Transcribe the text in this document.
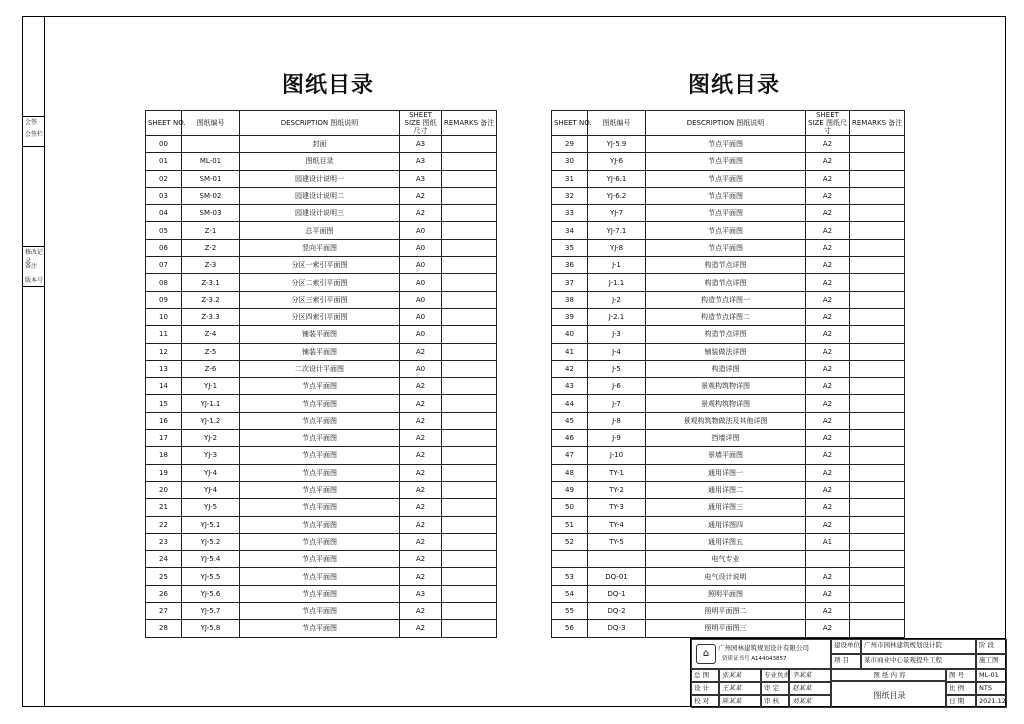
会签
会签栏
修改记录
备注
版本号
图纸目录	图纸目录
SHEET NO.	图纸编号	DESCRIPTION 图纸说明	SHEET SIZE 图纸尺寸	REMARKS 备注
00		封面	A3	
01	ML-01	图纸目录	A3	
02	SM-01	园建设计说明一	A3	
03	SM-02	园建设计说明二	A2	
04	SM-03	园建设计说明三	A2	
05	Z-1	总平面图	A0	
06	Z-2	竖向平面图	A0	
07	Z-3	分区一索引平面图	A0	
08	Z-3.1	分区二索引平面图	A0	
09	Z-3.2	分区三索引平面图	A0	
10	Z-3.3	分区四索引平面图	A0	
11	Z-4	铺装平面图	A0	
12	Z-5	铺装平面图	A2	
13	Z-6	二次设计平面图	A0	
14	YJ-1	节点平面图	A2	
15	YJ-1.1	节点平面图	A2	
16	YJ-1.2	节点平面图	A2	
17	YJ-2	节点平面图	A2	
18	YJ-3	节点平面图	A2	
19	YJ-4	节点平面图	A2	
20	YJ-4	节点平面图	A2	
21	YJ-5	节点平面图	A2	
22	YJ-5.1	节点平面图	A2	
23	YJ-5.2	节点平面图	A2	
24	YJ-5.4	节点平面图	A2	
25	YJ-5.5	节点平面图	A2	
26	YJ-5.6	节点平面图	A3	
27	YJ-5.7	节点平面图	A2	
28	YJ-5.8	节点平面图	A2	
SHEET NO.	图纸编号	DESCRIPTION 图纸说明	SHEET SIZE 图纸尺寸	REMARKS 备注
29	YJ-5.9	节点平面图	A2	
30	YJ-6	节点平面图	A2	
31	YJ-6.1	节点平面图	A2	
32	YJ-6.2	节点平面图	A2	
33	YJ-7	节点平面图	A2	
34	YJ-7.1	节点平面图	A2	
35	YJ-8	节点平面图	A2	
36	J-1	构造节点详图	A2	
37	J-1.1	构造节点详图	A2	
38	J-2	构造节点详图一	A2	
39	J-2.1	构造节点详图二	A2	
40	J-3	构造节点详图	A2	
41	J-4	铺装做法详图	A2	
42	J-5	构造详图	A2	
43	J-6	景观构筑物详图	A2	
44	J-7	景观构筑物详图	A2	
45	J-8	景观构筑物做法及其他详图	A2	
46	J-9	挡墙详图	A2	
47	J-10	景墙平面图	A2	
48	TY-1	通用详图一	A2	
49	TY-2	通用详图二	A2	
50	TY-3	通用详图三	A2	
51	TY-4	通用详图四	A2	
52	TY-5	通用详图五	A1	
		电气专业		
53	DQ-01	电气设计说明	A2	
54	DQ-1	照明平面图	A2	
55	DQ-2	照明平面图二	A2	
56	DQ-3	照明平面图三	A2	
⌂	广州园林建筑规划设计有限公司
资质证书号 A144043857
建设单位 广州市园林建筑规划设计院	阶 段
项 目	某市商业中心景观提升工程	施工图
总 图	张某某	专业负责 李某某
设 计	王某某	审 定	赵某某
校 对	陈某某	审 核	刘某某
图 纸 内 容
图纸目录
图 号	ML-01
比 例	NTS
日 期	2021.12
